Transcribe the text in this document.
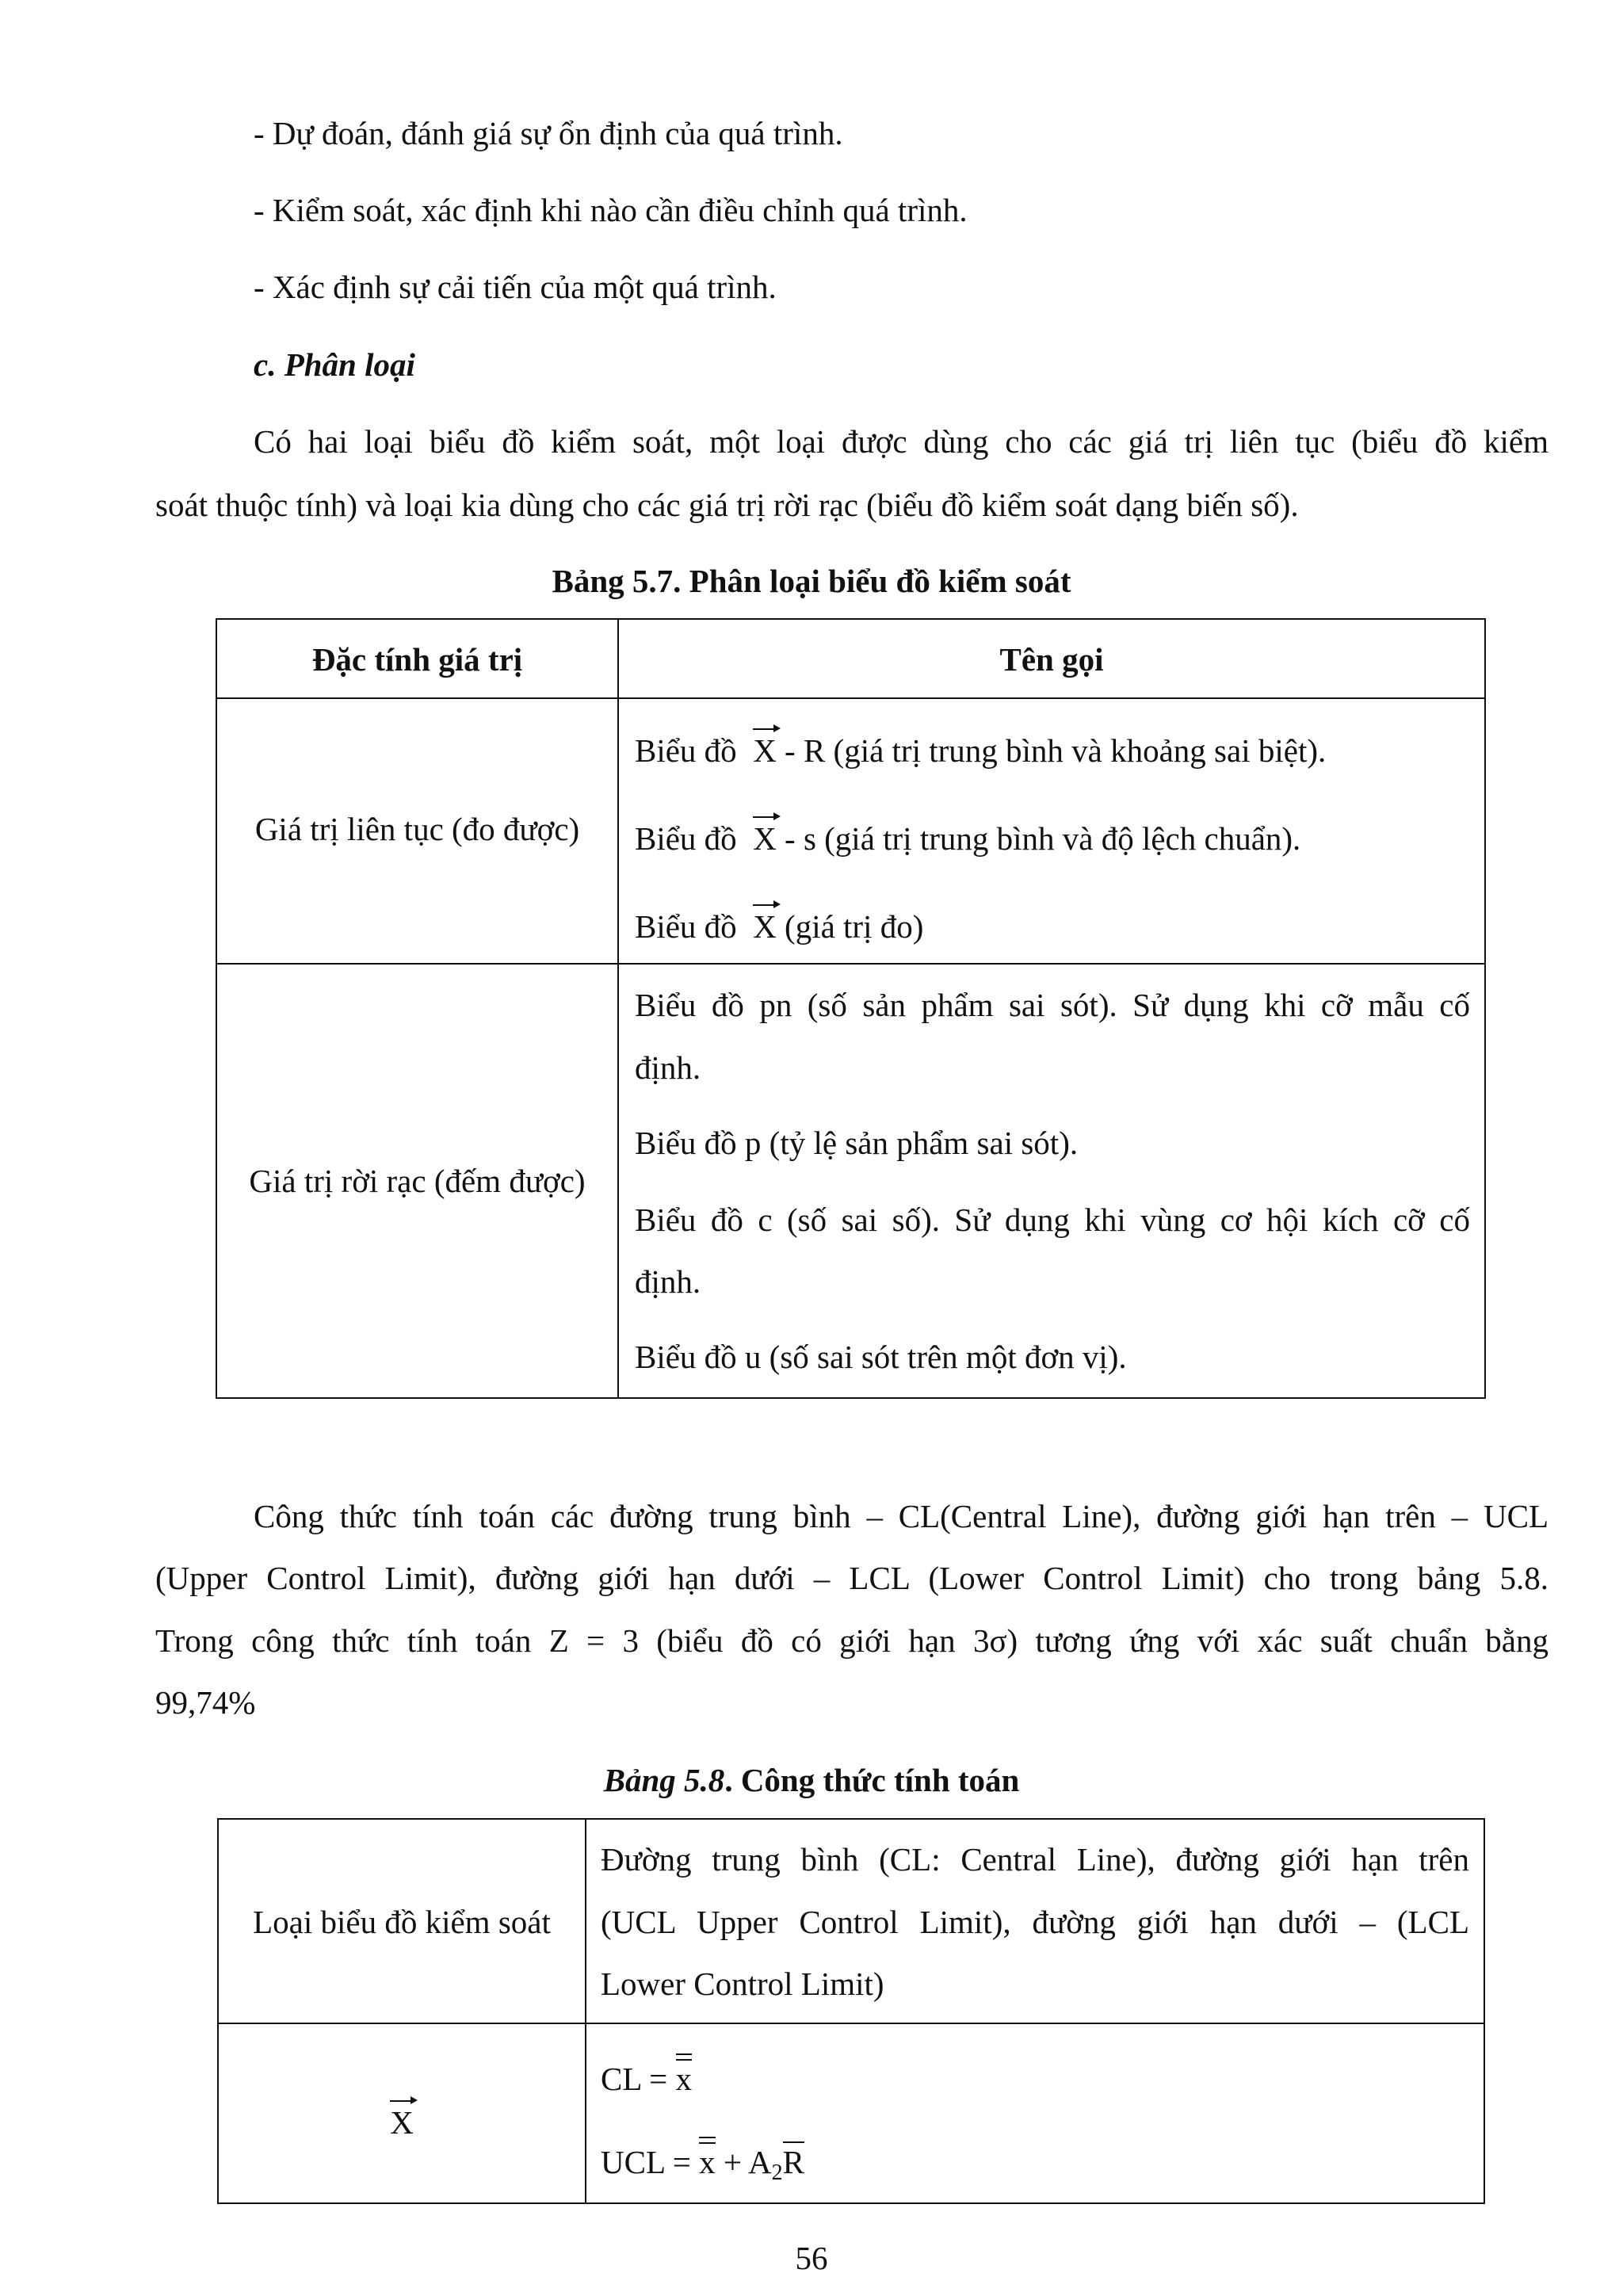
- Dự đoán, đánh giá sự ổn định của quá trình.
- Kiểm soát, xác định khi nào cần điều chỉnh quá trình.
- Xác định sự cải tiến của một quá trình.
c. Phân loại
Có hai loại biểu đồ kiểm soát, một loại được dùng cho các giá trị liên tục (biểu đồ kiểm
soát thuộc tính) và loại kia dùng cho các giá trị rời rạc (biểu đồ kiểm soát dạng biến số).
Bảng 5.7. Phân loại biểu đồ kiểm soát
Đặc tính giá trị	Tên gọi
Giá trị liên tục (đo được)
Biểu đồ X - R (giá trị trung bình và khoảng sai biệt).
Biểu đồ X - s (giá trị trung bình và độ lệch chuẩn).
Biểu đồ X (giá trị đo)
Giá trị rời rạc (đếm được)
Biểu đồ pn (số sản phẩm sai sót). Sử dụng khi cỡ mẫu cố
định.
Biểu đồ p (tỷ lệ sản phẩm sai sót).
Biểu đồ c (số sai số). Sử dụng khi vùng cơ hội kích cỡ cố
định.
Biểu đồ u (số sai sót trên một đơn vị).
Công thức tính toán các đường trung bình – CL(Central Line), đường giới hạn trên – UCL
(Upper Control Limit), đường giới hạn dưới – LCL (Lower Control Limit) cho trong bảng 5.8.
Trong công thức tính toán Z = 3 (biểu đồ có giới hạn 3σ) tương ứng với xác suất chuẩn bằng
99,74%
Bảng 5.8. Công thức tính toán
Loại biểu đồ kiểm soát
Đường trung bình (CL: Central Line), đường giới hạn trên
(UCL Upper Control Limit), đường giới hạn dưới – (LCL
Lower Control Limit)
X
CL = x
UCL = $x + A_2R$
56
